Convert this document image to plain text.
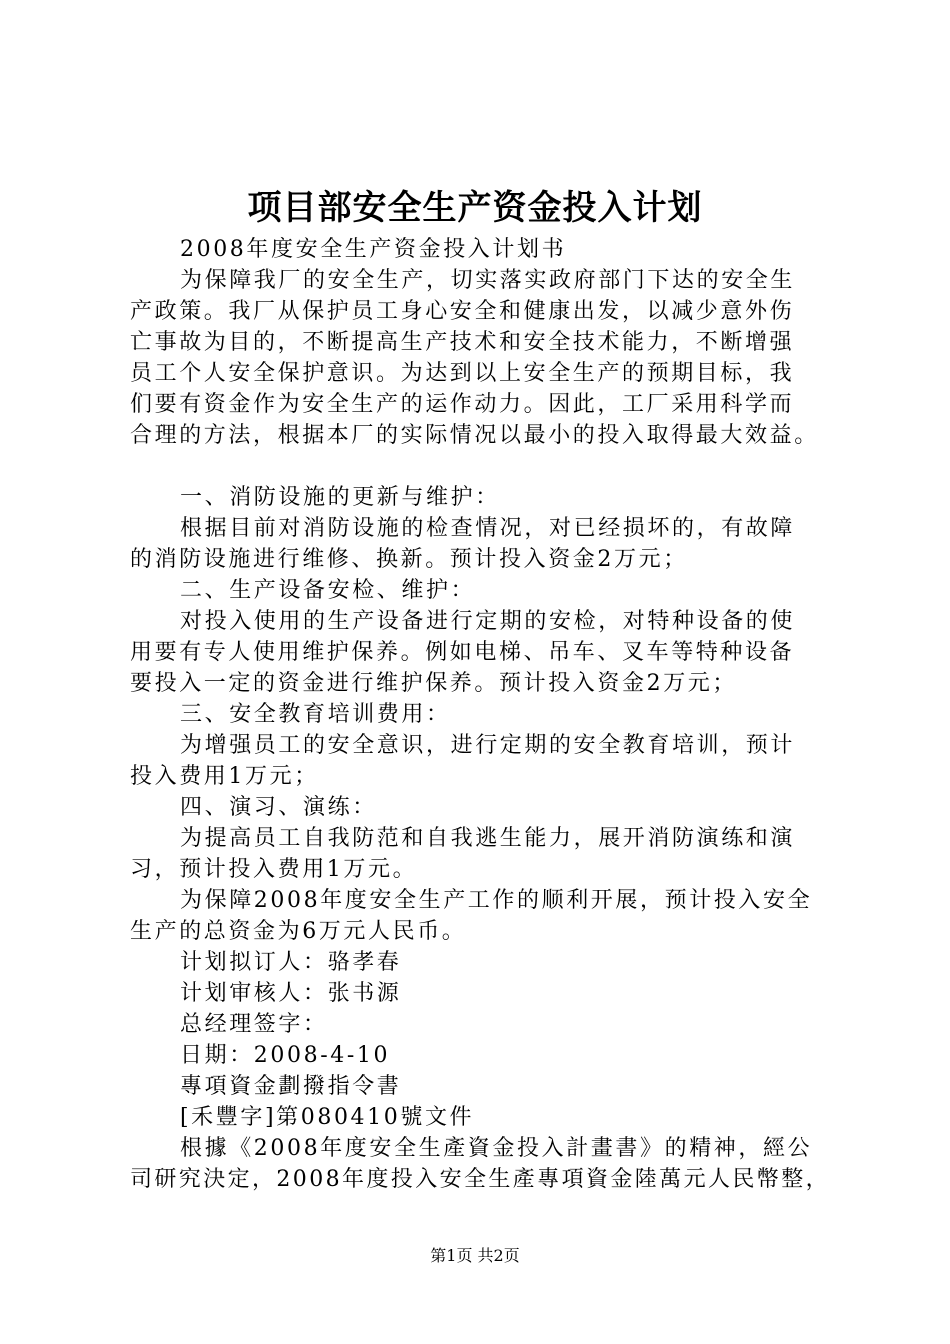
项目部安全生产资金投入计划
2008年度安全生产资金投入计划书
为保障我厂的安全生产，切实落实政府部门下达的安全生
产政策。我厂从保护员工身心安全和健康出发，以减少意外伤
亡事故为目的，不断提高生产技术和安全技术能力，不断增强
员工个人安全保护意识。为达到以上安全生产的预期目标，我
们要有资金作为安全生产的运作动力。因此，工厂采用科学而
合理的方法，根据本厂的实际情况以最小的投入取得最大效益。
一、消防设施的更新与维护：
根据目前对消防设施的检查情况，对已经损坏的，有故障
的消防设施进行维修、换新。预计投入资金2万元；
二、生产设备安检、维护：
对投入使用的生产设备进行定期的安检，对特种设备的使
用要有专人使用维护保养。例如电梯、吊车、叉车等特种设备
要投入一定的资金进行维护保养。预计投入资金2万元；
三、安全教育培训费用：
为增强员工的安全意识，进行定期的安全教育培训，预计
投入费用1万元；
四、演习、演练：
为提高员工自我防范和自我逃生能力，展开消防演练和演
习，预计投入费用1万元。
为保障2008年度安全生产工作的顺利开展，预计投入安全
生产的总资金为6万元人民币。
计划拟订人：骆孝春
计划审核人：张书源
总经理签字：
日期：2008-4-10
專項資金劃撥指令書
[禾豐字]第080410號文件
根據《2008年度安全生產資金投入計畫書》的精神，經公
司研究決定，2008年度投入安全生產專項資金陸萬元人民幣整，
第1页 共2页
